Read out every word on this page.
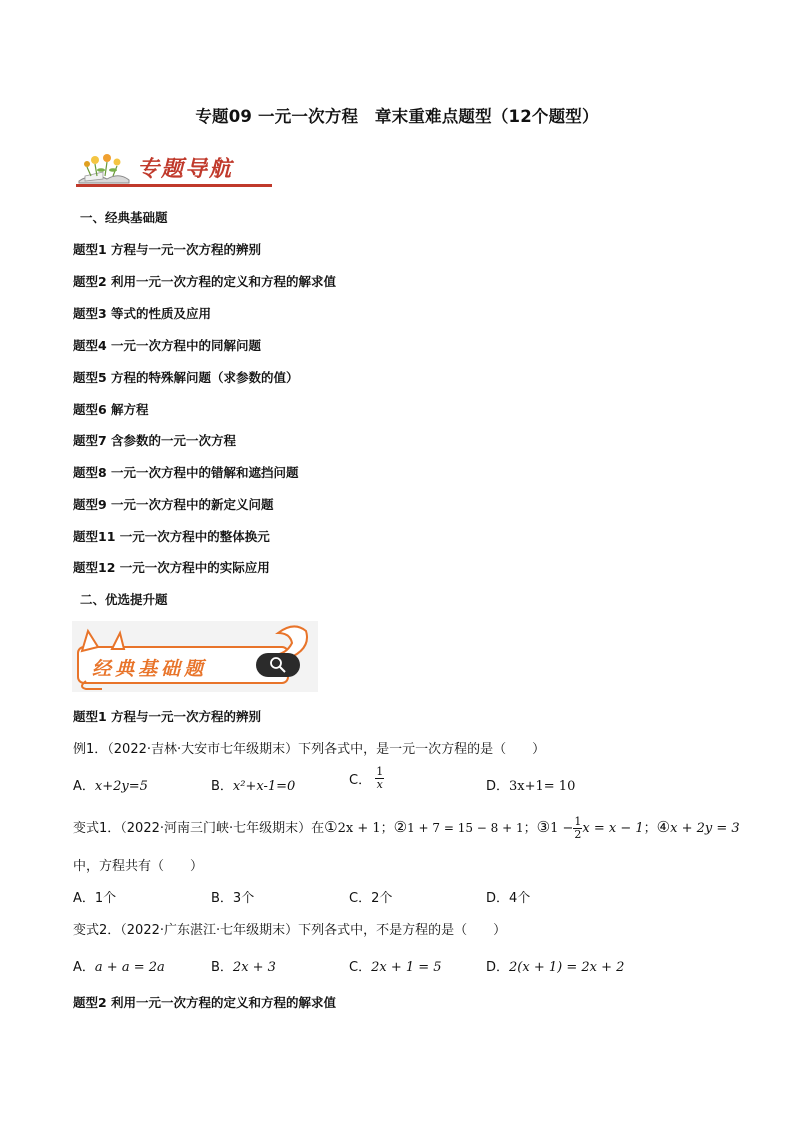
专题09 一元一次方程　章末重难点题型（12个题型）
专题导航
一、经典基础题
题型1 方程与一元一次方程的辨别
题型2 利用一元一次方程的定义和方程的解求值
题型3 等式的性质及应用
题型4 一元一次方程中的同解问题
题型5 方程的特殊解问题（求参数的值）
题型6 解方程
题型7 含参数的一元一次方程
题型8 一元一次方程中的错解和遮挡问题
题型9 一元一次方程中的新定义问题
题型11 一元一次方程中的整体换元
题型12 一元一次方程中的实际应用
二、优选提升题
经典基础题
题型1 方程与一元一次方程的辨别
例1．（2022·吉林·大安市七年级期末）下列各式中，是一元一次方程的是（　　）
A．x+2y=5	B．x²+x-1=0	C． $\frac{1}{x}$	D．3x+1= 10
变式1．（2022·河南三门峡·七年级期末）在①2x + 1；②1 + 7 = 15 − 8 + 1；③1 − $\frac{1}{2}$ x = x − 1；④x + 2y = 3
中，方程共有（　　）
A．1个	B．3个	C．2个	D．4个
变式2．（2022·广东湛江·七年级期末）下列各式中，不是方程的是（　　）
A．a + a = 2a	B．2x + 3	C．2x + 1 = 5	D．2(x + 1) = 2x + 2
题型2 利用一元一次方程的定义和方程的解求值
